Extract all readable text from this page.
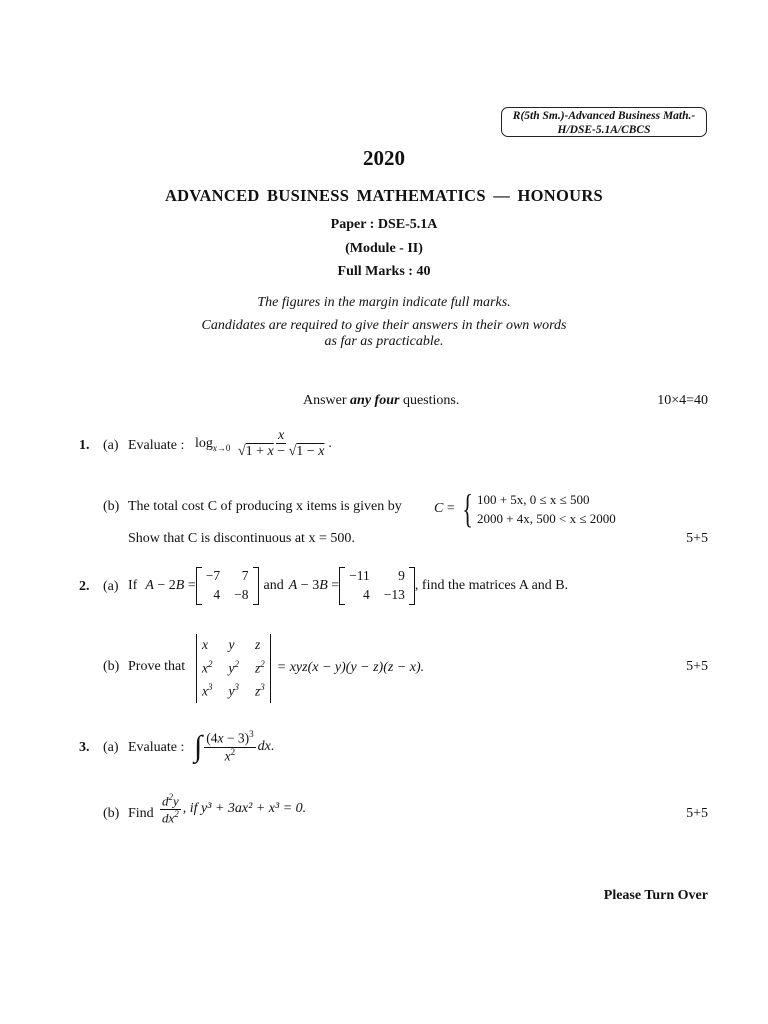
R(5th Sm.)-Advanced Business Math.-
H/DSE-5.1A/CBCS
2020
ADVANCED BUSINESS MATHEMATICS — HONOURS
Paper : DSE-5.1A
(Module - II)
Full Marks : 40
The figures in the margin indicate full marks.
Candidates are required to give their answers in their own words
as far as practicable.
Answer any four questions.	10×4=40
1. (a) Evaluate : $\log_{x\to 0} \frac{x}{√1 + x - √1 - x}$ .
(b) The total cost C of producing x items is given by C = { 100 + 5x, 0 ≤ x ≤ 500
2000 + 4x, 500 < x ≤ 2000
Show that C is discontinuous at x = 500.	5+5
2. (a) If A − 2 B =
−7	7
4 −8
and A − 3 B =
−11	9
4 −13
, find the matrices A and B.
(b) Prove that
x	y	z
$x^2$ $y^2$ $z^2$
$x^3$ $y^3$ $z^3$
= xyz(x − y)(y − z)(z − x).	5+5
3. (a) Evaluate : ∫ $\frac{(4x - 3)^3}{x^2}$ dx .
(b) Find $\frac{d^2y}{dx^2}$ , if y³ + 3ax² + x³ = 0.	5+5
Please Turn Over
